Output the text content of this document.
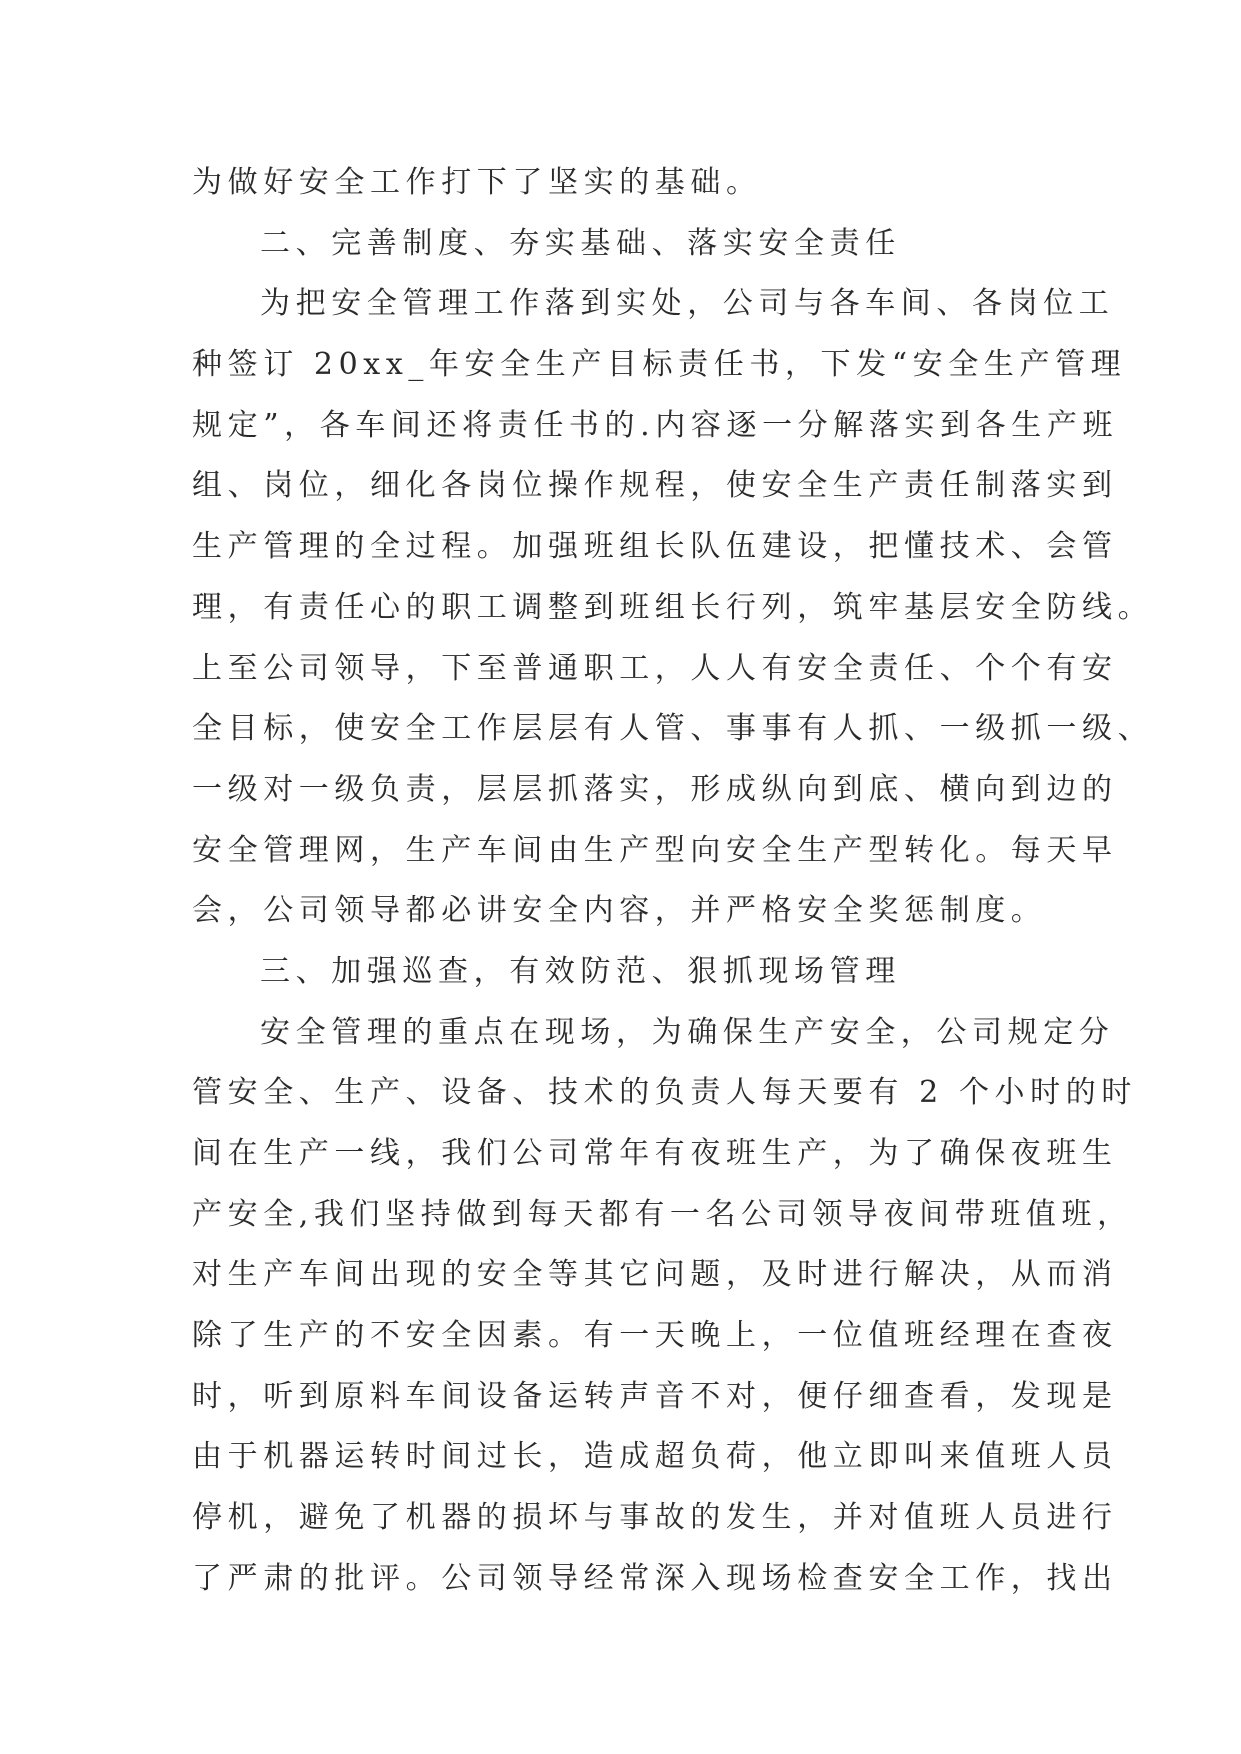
为做好安全工作打下了坚实的基础。
二、完善制度、夯实基础、落实安全责任
为把安全管理工作落到实处，公司与各车间、各岗位工
种签订 20xx_年安全生产目标责任书，下发“安全生产管理
规定”，各车间还将责任书的.内容逐一分解落实到各生产班
组、岗位，细化各岗位操作规程，使安全生产责任制落实到
生产管理的全过程。加强班组长队伍建设，把懂技术、会管
理，有责任心的职工调整到班组长行列，筑牢基层安全防线。
上至公司领导，下至普通职工，人人有安全责任、个个有安
全目标，使安全工作层层有人管、事事有人抓、一级抓一级、
一级对一级负责，层层抓落实，形成纵向到底、横向到边的
安全管理网，生产车间由生产型向安全生产型转化。每天早
会，公司领导都必讲安全内容，并严格安全奖惩制度。
三、加强巡查，有效防范、狠抓现场管理
安全管理的重点在现场，为确保生产安全，公司规定分
管安全、生产、设备、技术的负责人每天要有 2 个小时的时
间在生产一线，我们公司常年有夜班生产，为了确保夜班生
产安全,我们坚持做到每天都有一名公司领导夜间带班值班，
对生产车间出现的安全等其它问题，及时进行解决，从而消
除了生产的不安全因素。有一天晚上，一位值班经理在查夜
时，听到原料车间设备运转声音不对，便仔细查看，发现是
由于机器运转时间过长，造成超负荷，他立即叫来值班人员
停机，避免了机器的损坏与事故的发生，并对值班人员进行
了严肃的批评。公司领导经常深入现场检查安全工作，找出
